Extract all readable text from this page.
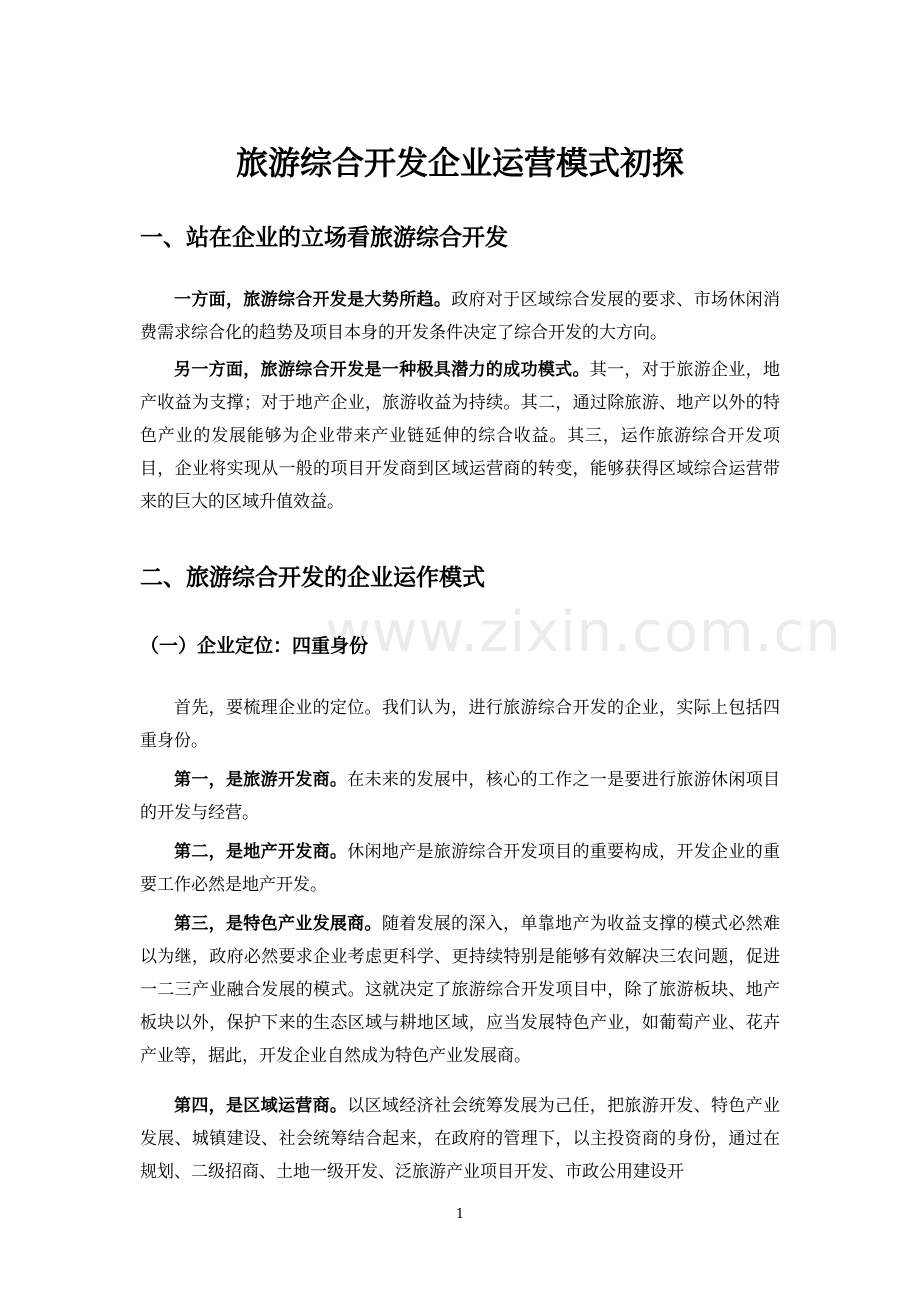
旅游综合开发企业运营模式初探
一、站在企业的立场看旅游综合开发

一方面，旅游综合开发是大势所趋。政府对于区域综合发展的要求、市场休闲消费需求综合化的趋势及项目本身的开发条件决定了综合开发的大方向。

另一方面，旅游综合开发是一种极具潜力的成功模式。其一，对于旅游企业，地产收益为支撑；对于地产企业，旅游收益为持续。其二，通过除旅游、地产以外的特色产业的发展能够为企业带来产业链延伸的综合收益。其三，运作旅游综合开发项目，企业将实现从一般的项目开发商到区域运营商的转变，能够获得区域综合运营带来的巨大的区域升值效益。

二、旅游综合开发的企业运作模式
（一）企业定位：四重身份

首先，要梳理企业的定位。我们认为，进行旅游综合开发的企业，实际上包括四重身份。

第一，是旅游开发商。在未来的发展中，核心的工作之一是要进行旅游休闲项目的开发与经营。

第二，是地产开发商。休闲地产是旅游综合开发项目的重要构成，开发企业的重要工作必然是地产开发。

第三，是特色产业发展商。随着发展的深入，单靠地产为收益支撑的模式必然难以为继，政府必然要求企业考虑更科学、更持续特别是能够有效解决三农问题，促进一二三产业融合发展的模式。这就决定了旅游综合开发项目中，除了旅游板块、地产板块以外，保护下来的生态区域与耕地区域，应当发展特色产业，如葡萄产业、花卉产业等，据此，开发企业自然成为特色产业发展商。

第四，是区域运营商。以区域经济社会统筹发展为己任，把旅游开发、特色产业发展、城镇建设、社会统筹结合起来，在政府的管理下，以主投资商的身份，通过在规划、二级招商、土地一级开发、泛旅游产业项目开发、市政公用建设开

www.zixin.com.cn
1
